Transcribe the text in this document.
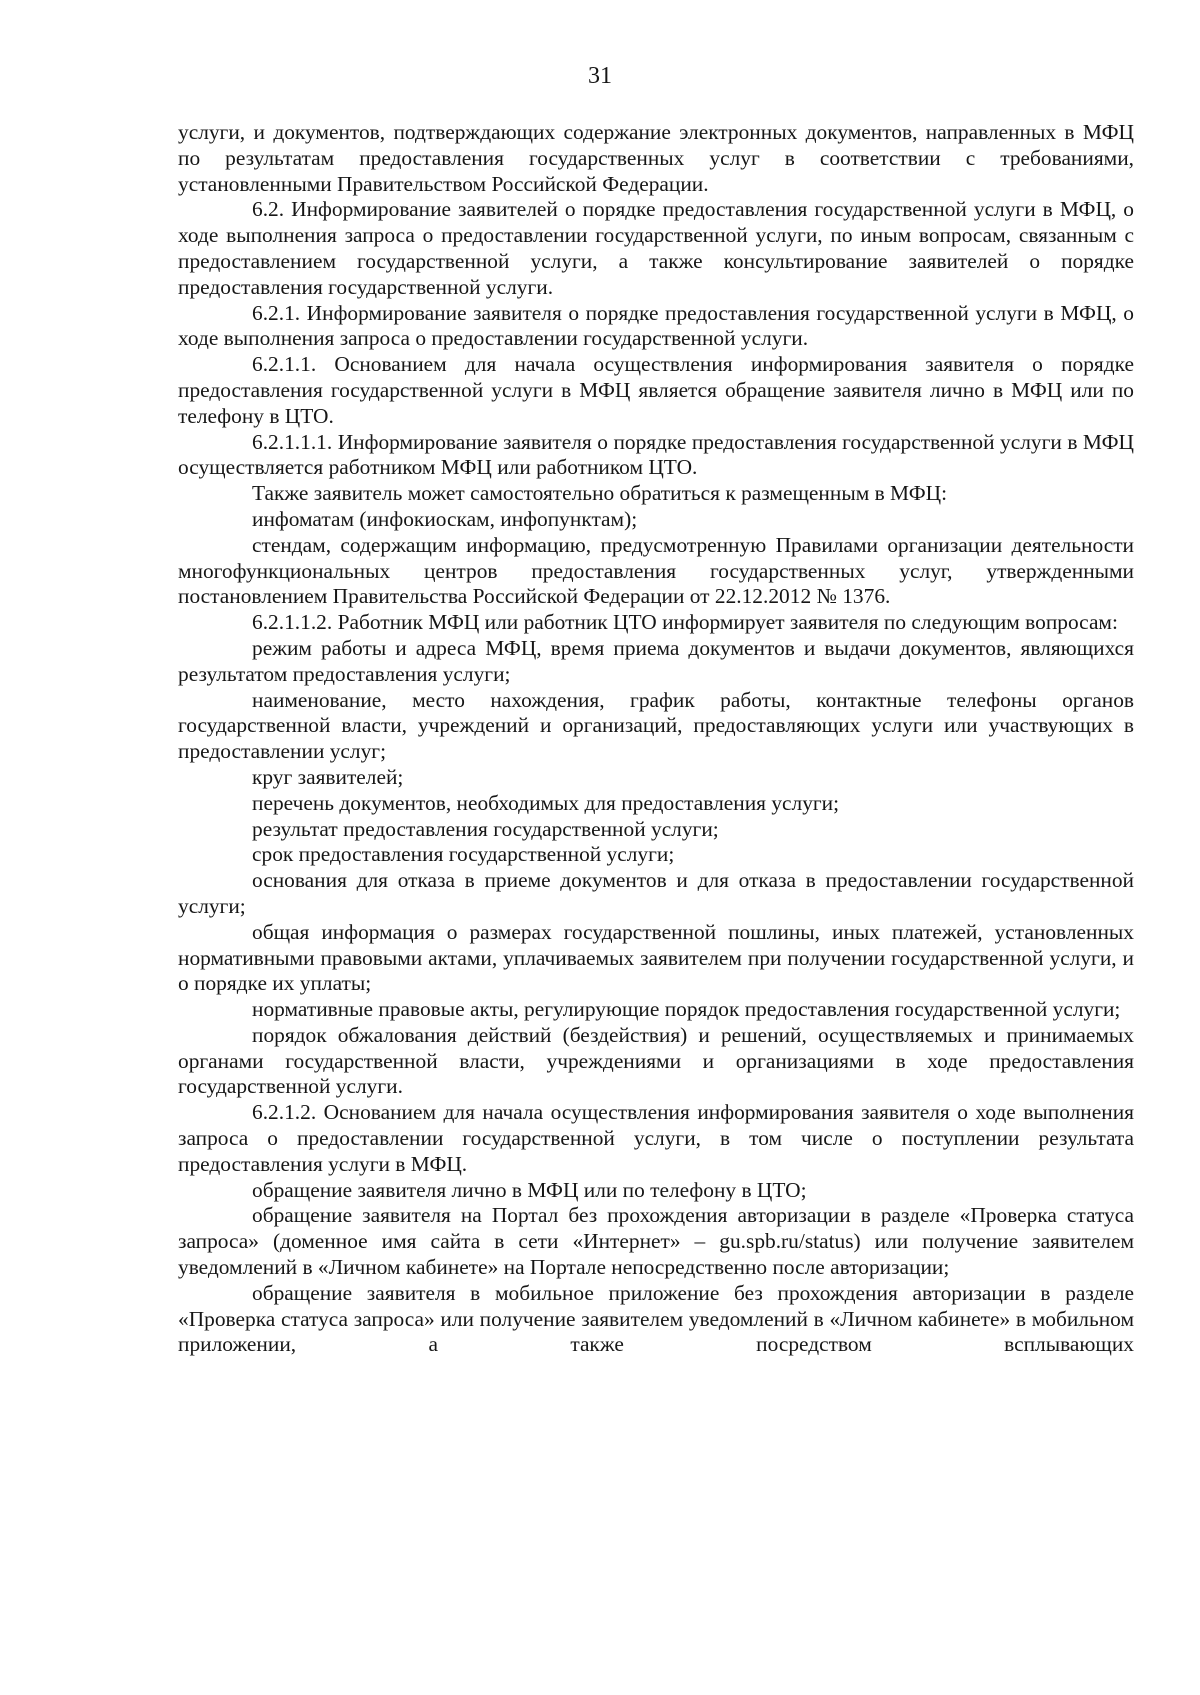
31

услуги, и документов, подтверждающих содержание электронных документов, направленных в МФЦ по результатам предоставления государственных услуг в соответствии с требованиями, установленными Правительством Российской Федерации.

6.2. Информирование заявителей о порядке предоставления государственной услуги в МФЦ, о ходе выполнения запроса о предоставлении государственной услуги, по иным вопросам, связанным с предоставлением государственной услуги, а также консультирование заявителей о порядке предоставления государственной услуги.

6.2.1. Информирование заявителя о порядке предоставления государственной услуги в МФЦ, о ходе выполнения запроса о предоставлении государственной услуги.

6.2.1.1. Основанием для начала осуществления информирования заявителя о порядке предоставления государственной услуги в МФЦ является обращение заявителя лично в МФЦ или по телефону в ЦТО.

6.2.1.1.1. Информирование заявителя о порядке предоставления государственной услуги в МФЦ осуществляется работником МФЦ или работником ЦТО.

Также заявитель может самостоятельно обратиться к размещенным в МФЦ:

инфоматам (инфокиоскам, инфопунктам);

стендам, содержащим информацию, предусмотренную Правилами организации деятельности многофункциональных центров предоставления государственных услуг, утвержденными постановлением Правительства Российской Федерации от 22.12.2012 № 1376.

6.2.1.1.2. Работник МФЦ или работник ЦТО информирует заявителя по следующим вопросам:

режим работы и адреса МФЦ, время приема документов и выдачи документов, являющихся результатом предоставления услуги;

наименование, место нахождения, график работы, контактные телефоны органов государственной власти, учреждений и организаций, предоставляющих услуги или участвующих в предоставлении услуг;

круг заявителей;

перечень документов, необходимых для предоставления услуги;

результат предоставления государственной услуги;

срок предоставления государственной услуги;

основания для отказа в приеме документов и для отказа в предоставлении государственной услуги;

общая информация о размерах государственной пошлины, иных платежей, установленных нормативными правовыми актами, уплачиваемых заявителем при получении государственной услуги, и о порядке их уплаты;

нормативные правовые акты, регулирующие порядок предоставления государственной услуги;

порядок обжалования действий (бездействия) и решений, осуществляемых и принимаемых органами государственной власти, учреждениями и организациями в ходе предоставления государственной услуги.

6.2.1.2. Основанием для начала осуществления информирования заявителя о ходе выполнения запроса о предоставлении государственной услуги, в том числе о поступлении результата предоставления услуги в МФЦ.

обращение заявителя лично в МФЦ или по телефону в ЦТО;

обращение заявителя на Портал без прохождения авторизации в разделе «Проверка статуса запроса» (доменное имя сайта в сети «Интернет» – gu.spb.ru/status) или получение заявителем уведомлений в «Личном кабинете» на Портале непосредственно после авторизации;

обращение заявителя в мобильное приложение без прохождения авторизации в разделе «Проверка статуса запроса» или получение заявителем уведомлений в «Личном кабинете» в мобильном приложении, а также посредством всплывающих
